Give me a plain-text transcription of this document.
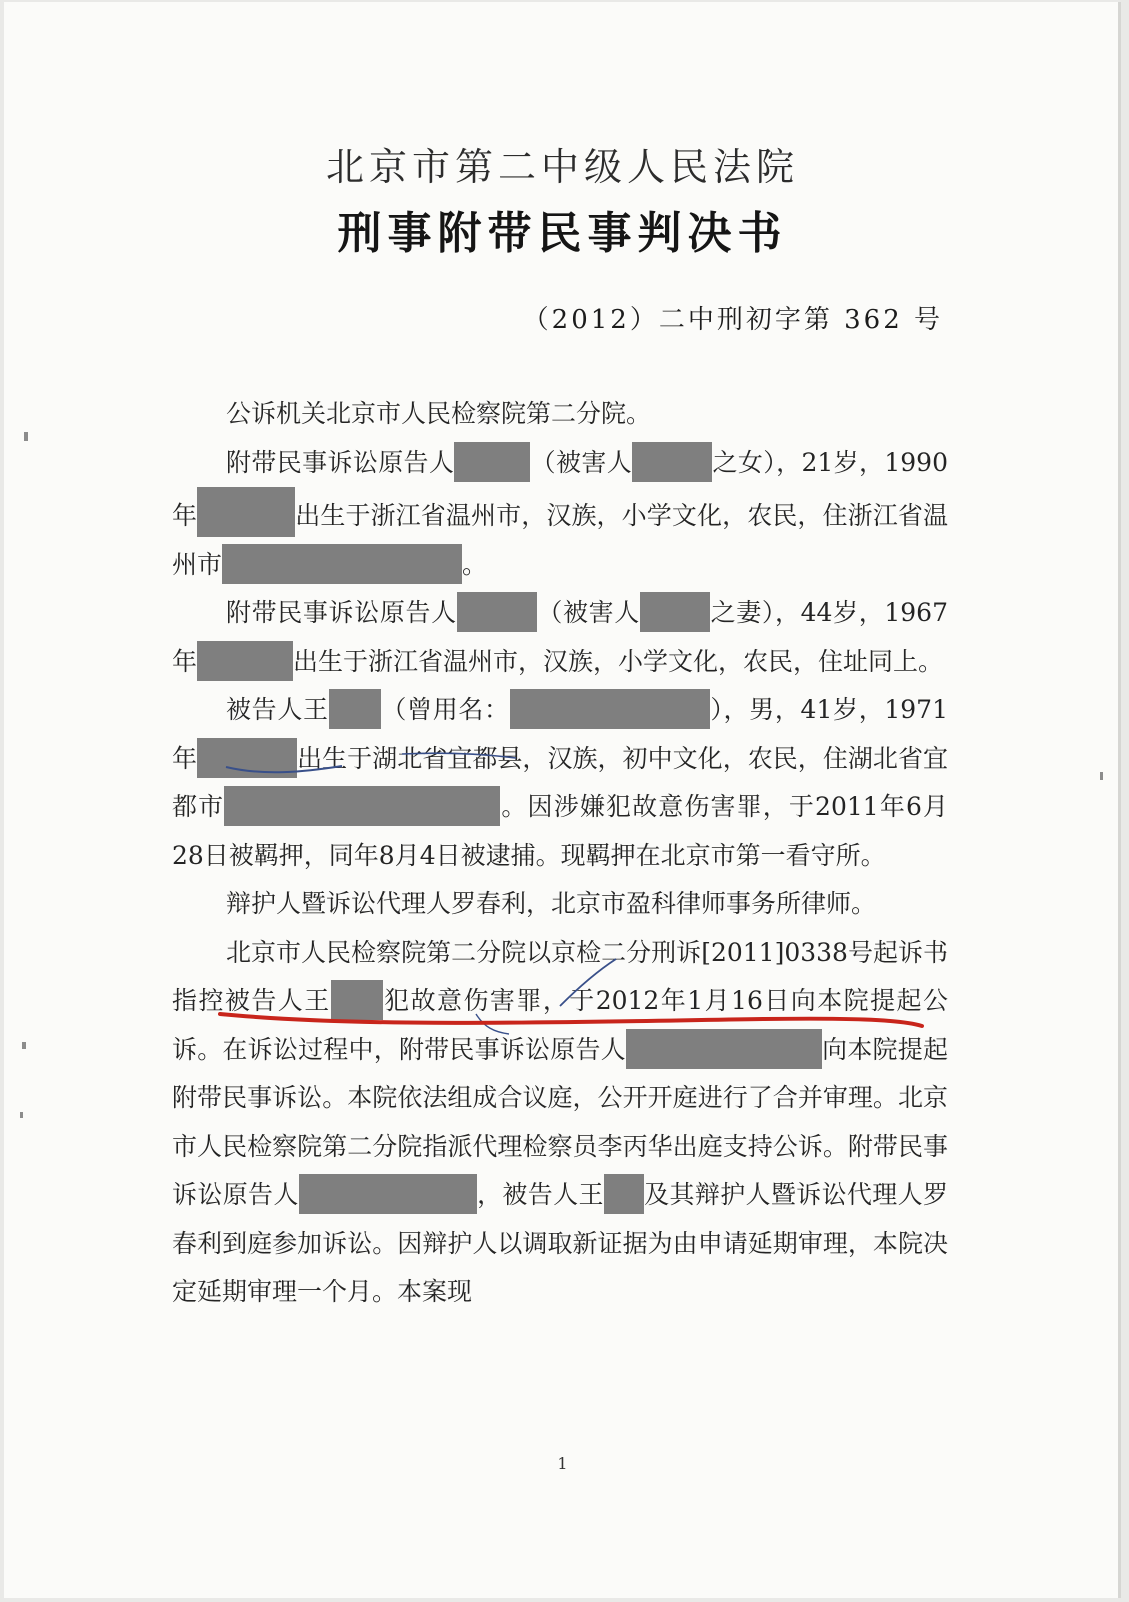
北京市第二中级人民法院
刑事附带民事判决书
（2012）二中刑初字第 362 号

公诉机关北京市人民检察院第二分院。

附带民事诉讼原告人	（被害人	之女），21岁，1990年	出生于浙江省温州市，汉族，小学文化，农民，住浙江省温州市	。

附带民事诉讼原告人	（被害人	之妻），44岁，1967年	出生于浙江省温州市，汉族，小学文化，农民，住址同上。

被告人王 （曾用名：	），男，41岁，1971年	出生于湖北省宜都县，汉族，初中文化，农民，住湖北省宜都市	。因涉嫌犯故意伤害罪，于2011年6月28日被羁押，同年8月4日被逮捕。现羁押在北京市第一看守所。

辩护人暨诉讼代理人罗春利，北京市盈科律师事务所律师。

北京市人民检察院第二分院以京检二分刑诉[2011]0338号起诉书指控被告人王 犯故意伤害罪，于2012年1月16日向本院提起公诉。在诉讼过程中，附带民事诉讼原告人	向本院提起附带民事诉讼。本院依法组成合议庭，公开开庭进行了合并审理。北京市人民检察院第二分院指派代理检察员李丙华出庭支持公诉。附带民事诉讼原告人	，被告人王 及其辩护人暨诉讼代理人罗春利到庭参加诉讼。因辩护人以调取新证据为由申请延期审理，本院决定延期审理一个月。本案现

1
